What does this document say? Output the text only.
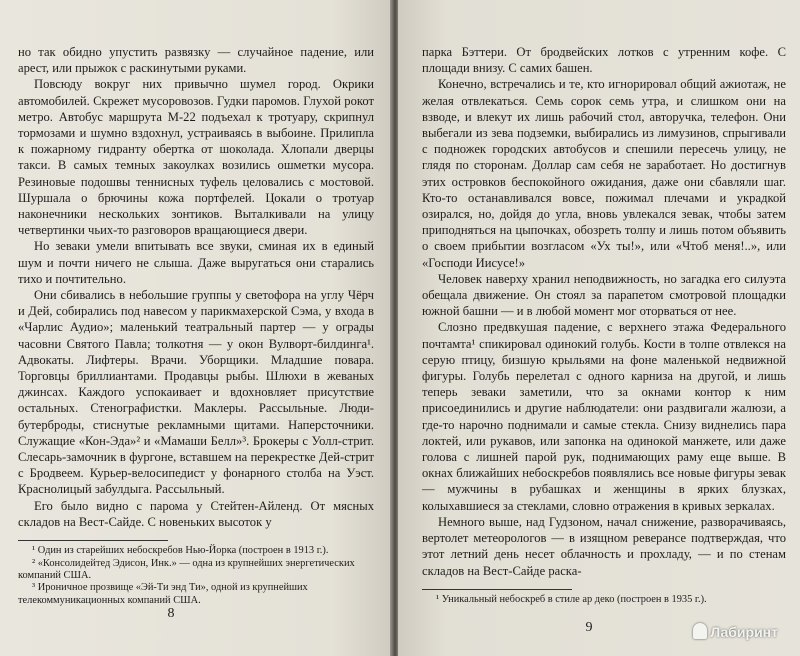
но так обидно упустить развязку — случайное падение, или арест, или прыжок с раскинутыми руками.

Повсюду вокруг них привычно шумел город. Окрики автомобилей. Скрежет мусоровозов. Гудки паромов. Глухой рокот метро. Автобус маршрута М-22 подъехал к тротуару, скрипнул тормозами и шумно вздохнул, устраиваясь в выбоине. Прилипла к пожарному гидранту обертка от шоколада. Хлопали дверцы такси. В самых темных закоулках возились ошметки мусора. Резиновые подошвы теннисных туфель целовались с мостовой. Шуршала о брючины кожа портфелей. Цокали о тротуар наконечники нескольких зонтиков. Выталкивали на улицу четвертинки чьих-то разговоров вращающиеся двери.

Но зеваки умели впитывать все звуки, сминая их в единый шум и почти ничего не слыша. Даже выругаться они старались тихо и почтительно.

Они сбивались в небольшие группы у светофора на углу Чёрч и Дей, собирались под навесом у парикмахерской Сэма, у входа в «Чарлис Аудио»; маленький театральный партер — у ограды часовни Святого Павла; толкотня — у окон Вулворт-билдинга¹. Адвокаты. Лифтеры. Врачи. Уборщики. Младшие повара. Торговцы бриллиантами. Продавцы рыбы. Шлюхи в жеваных джинсах. Каждого успокаивает и вдохновляет присутствие остальных. Стенографистки. Маклеры. Рассыльные. Люди-бутерброды, стиснутые рекламными щитами. Наперсточники. Служащие «Кон-Эда»² и «Мамаши Белл»³. Брокеры с Уолл-стрит. Слесарь-замочник в фургоне, вставшем на перекрестке Дей-стрит с Бродвеем. Курьер-велосипедист у фонарного столба на Уэст. Краснолицый забулдыга. Рассыльный.

Его было видно с парома у Стейтен-Айленд. От мясных складов на Вест-Сайде. С новеньких высоток у

¹ Один из старейших небоскребов Нью-Йорка (построен в 1913 г.).

² «Консолидейтед Эдисон, Инк.» — одна из крупнейших энергетических компаний США.

³ Ироничное прозвище «Эй-Ти энд Ти», одной из крупнейших телекоммуникационных компаний США.

8

парка Бэттери. От бродвейских лотков с утренним кофе. С площади внизу. С самих башен.

Конечно, встречались и те, кто игнорировал общий ажиотаж, не желая отвлекаться. Семь сорок семь утра, и слишком они на взводе, и влекут их лишь рабочий стол, авторучка, телефон. Они выбегали из зева подземки, выбирались из лимузинов, спрыгивали с подножек городских автобусов и спешили пересечь улицу, не глядя по сторонам. Доллар сам себя не заработает. Но достигнув этих островков беспокойного ожидания, даже они сбавляли шаг. Кто-то останавливался вовсе, пожимал плечами и украдкой озирался, но, дойдя до угла, вновь увлекался зевак, чтобы затем приподняться на цыпочках, обозреть толпу и лишь потом объявить о своем прибытии возгласом «Ух ты!», или «Чтоб меня!..», или «Господи Иисусе!»

Человек наверху хранил неподвижность, но загадка его силуэта обещала движение. Он стоял за парапетом смотровой площадки южной башни — и в любой момент мог оторваться от нее.

Слозно предвкушая падение, с верхнего этажа Федерального почтамта¹ спикировал одинокий голубь. Кости в толпе отвлекся на серую птицу, бизшую крыльями на фоне маленькой недвижной фигуры. Голубь перелетал с одного карниза на другой, и лишь теперь зеваки заметили, что за окнами контор к ним присоединились и другие наблюдатели: они раздвигали жалюзи, а где-то нарочно поднимали и самые стекла. Снизу виднелись пара локтей, или рукавов, или запонка на одинокой манжете, или даже голова с лишней парой рук, поднимающих раму еще выше. В окнах ближайших небоскребов появлялись все новые фигуры зевак — мужчины в рубашках и женщины в ярких блузках, колыхавшиеся за стеклами, словно отражения в кривых зеркалах.

Немного выше, над Гудзоном, начал снижение, разворачиваясь, вертолет метеорологов — в изящном реверансе подтверждая, что этот летний день несет облачность и прохладу, — и по стенам складов на Вест-Сайде раска-

¹ Уникальный небоскреб в стиле ар деко (построен в 1935 г.).

9	Лабиринт
